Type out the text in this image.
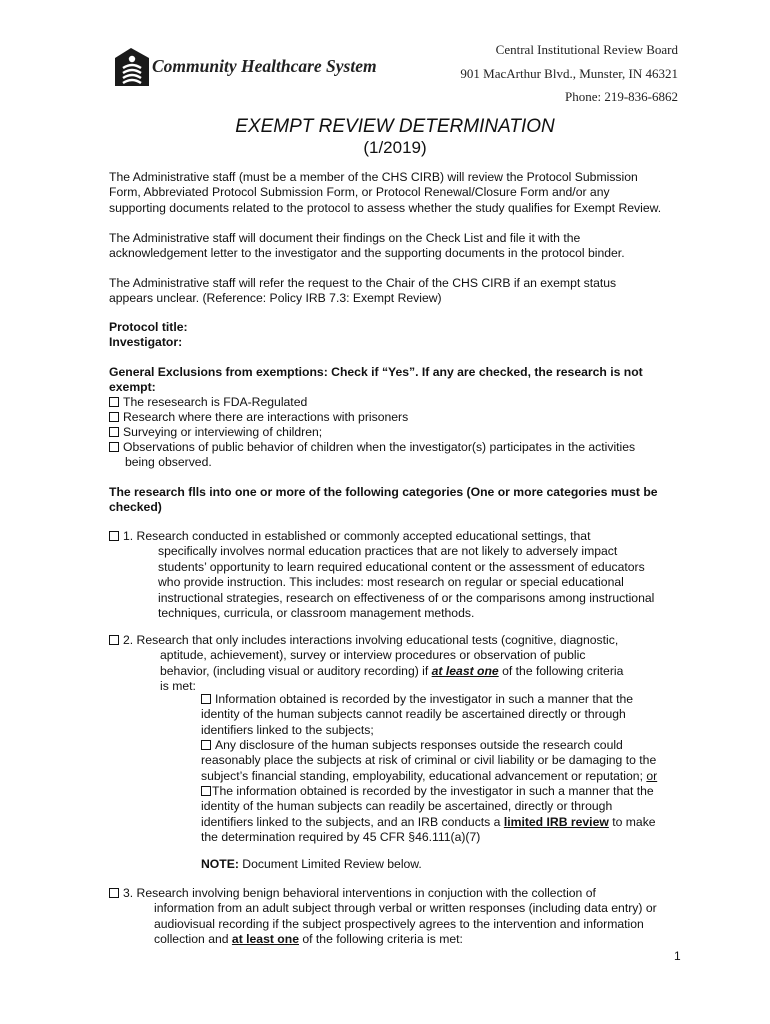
Community Healthcare System
Central Institutional Review Board
901 MacArthur Blvd., Munster, IN 46321
Phone: 219-836-6862
EXEMPT REVIEW DETERMINATION
(1/2019)
The Administrative staff (must be a member of the CHS CIRB) will review the Protocol Submission
Form, Abbreviated Protocol Submission Form, or Protocol Renewal/Closure Form and/or any
supporting documents related to the protocol to assess whether the study qualifies for Exempt Review.
The Administrative staff will document their findings on the Check List and file it with the
acknowledgement letter to the investigator and the supporting documents in the protocol binder.
The Administrative staff will refer the request to the Chair of the CHS CIRB if an exempt status
appears unclear. (Reference: Policy IRB 7.3: Exempt Review)
Protocol title:
Investigator:
General Exclusions from exemptions: Check if “Yes”. If any are checked, the research is not
exempt:
The resesearch is FDA-Regulated
Research where there are interactions with prisoners
Surveying or interviewing of children;
Observations of public behavior of children when the investigator(s) participates in the activities
being observed.
The research flls into one or more of the following categories (One or more categories must be
checked)
1. Research conducted in established or commonly accepted educational settings, that
specifically involves normal education practices that are not likely to adversely impact
students’ opportunity to learn required educational content or the assessment of educators
who provide instruction. This includes: most research on regular or special educational
instructional strategies, research on effectiveness of or the comparisons among instructional
techniques, curricula, or classroom management methods.
2. Research that only includes interactions involving educational tests (cognitive, diagnostic,
aptitude, achievement), survey or interview procedures or observation of public
behavior, (including visual or auditory recording) if at least one of the following criteria
is met:
Information obtained is recorded by the investigator in such a manner that the
identity of the human subjects cannot readily be ascertained directly or through
identifiers linked to the subjects;
Any disclosure of the human subjects responses outside the research could
reasonably place the subjects at risk of criminal or civil liability or be damaging to the
subject’s financial standing, employability, educational advancement or reputation; or
The information obtained is recorded by the investigator in such a manner that the
identity of the human subjects can readily be ascertained, directly or through
identifiers linked to the subjects, and an IRB conducts a limited IRB review to make
the determination required by 45 CFR §46.111(a)(7)
NOTE: Document Limited Review below.
3. Research involving benign behavioral interventions in conjuction with the collection of
information from an adult subject through verbal or written responses (including data entry) or
audiovisual recording if the subject prospectively agrees to the intervention and information
collection and at least one of the following criteria is met:
1
